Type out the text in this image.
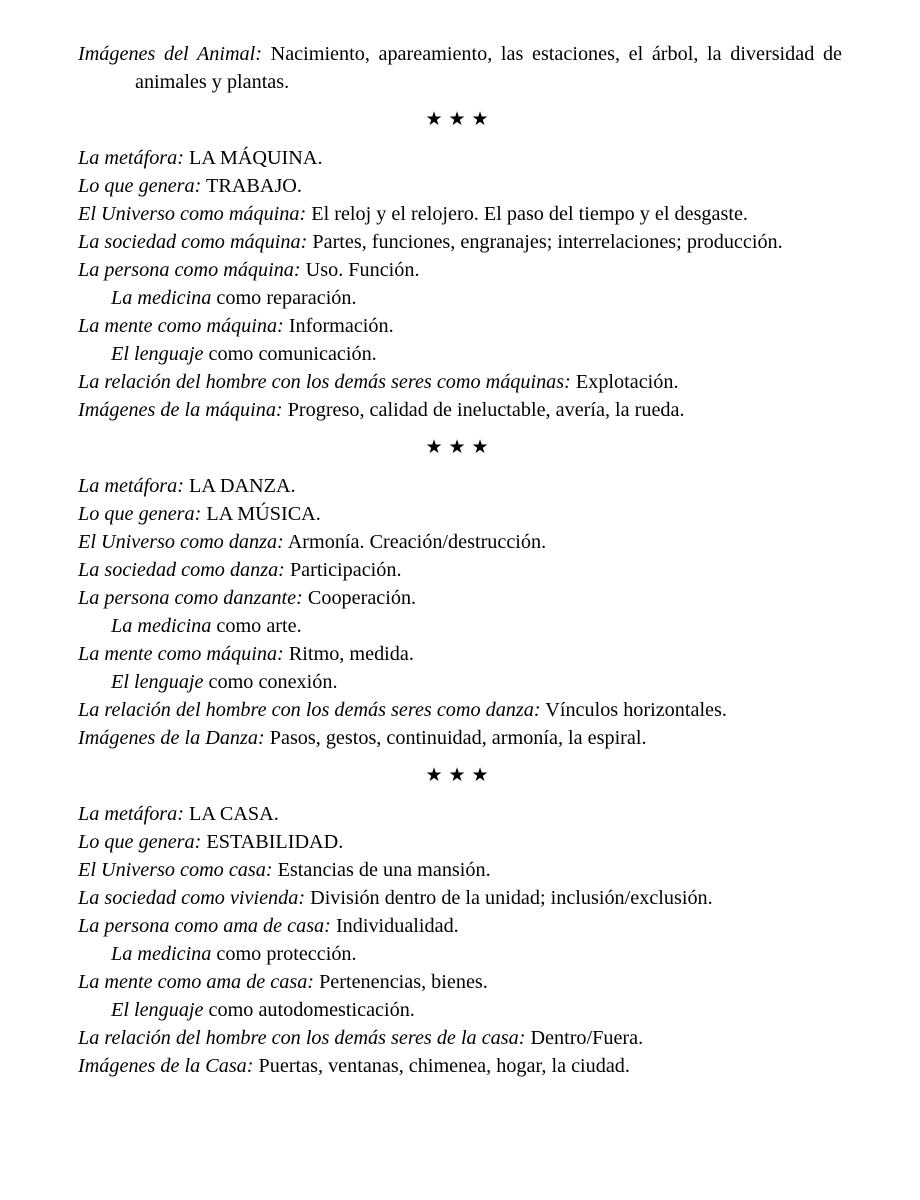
Imágenes del Animal: Nacimiento, apareamiento, las estaciones, el árbol, la diversidad de animales y plantas.
★★★
La metáfora: LA MÁQUINA.
Lo que genera: TRABAJO.
El Universo como máquina: El reloj y el relojero. El paso del tiempo y el desgaste.
La sociedad como máquina: Partes, funciones, engranajes; interrelaciones; producción.
La persona como máquina: Uso. Función.
La medicina como reparación.
La mente como máquina: Información.
El lenguaje como comunicación.
La relación del hombre con los demás seres como máquinas: Explotación.
Imágenes de la máquina: Progreso, calidad de ineluctable, avería, la rueda.
★★★
La metáfora: LA DANZA.
Lo que genera: LA MÚSICA.
El Universo como danza: Armonía. Creación/destrucción.
La sociedad como danza: Participación.
La persona como danzante: Cooperación.
La medicina como arte.
La mente como máquina: Ritmo, medida.
El lenguaje como conexión.
La relación del hombre con los demás seres como danza: Vínculos horizontales.
Imágenes de la Danza: Pasos, gestos, continuidad, armonía, la espiral.
★★★
La metáfora: LA CASA.
Lo que genera: ESTABILIDAD.
El Universo como casa: Estancias de una mansión.
La sociedad como vivienda: División dentro de la unidad; inclusión/exclusión.
La persona como ama de casa: Individualidad.
La medicina como protección.
La mente como ama de casa: Pertenencias, bienes.
El lenguaje como autodomesticación.
La relación del hombre con los demás seres de la casa: Dentro/Fuera.
Imágenes de la Casa: Puertas, ventanas, chimenea, hogar, la ciudad.
